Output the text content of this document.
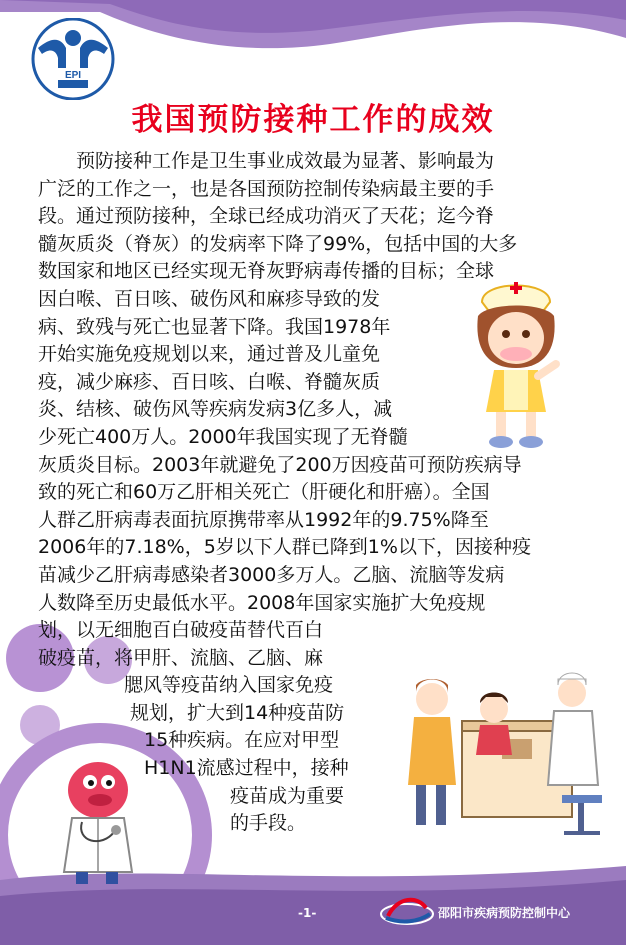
EPI
我国预防接种工作的成效
　　预防接种工作是卫生事业成效最为显著、影响最为
广泛的工作之一，也是各国预防控制传染病最主要的手
段。通过预防接种，全球已经成功消灭了天花；迄今脊
髓灰质炎（脊灰）的发病率下降了99%，包括中国的大多
数国家和地区已经实现无脊灰野病毒传播的目标；全球
因白喉、百日咳、破伤风和麻疹导致的发
病、致残与死亡也显著下降。我国1978年
开始实施免疫规划以来，通过普及儿童免
疫，减少麻疹、百日咳、白喉、脊髓灰质
炎、结核、破伤风等疾病发病3亿多人，减
少死亡400万人。2000年我国实现了无脊髓
灰质炎目标。2003年就避免了200万因疫苗可预防疾病导
致的死亡和60万乙肝相关死亡（肝硬化和肝癌）。全国
人群乙肝病毒表面抗原携带率从1992年的9.75%降至
2006年的7.18%，5岁以下人群已降到1%以下，因接种疫
苗减少乙肝病毒感染者3000多万人。乙脑、流脑等发病
人数降至历史最低水平。2008年国家实施扩大免疫规
划，以无细胞百白破疫苗替代百白
破疫苗，将甲肝、流脑、乙脑、麻
腮风等疫苗纳入国家免疫
规划，扩大到14种疫苗防
15种疾病。在应对甲型
H1N1流感过程中，接种
疫苗成为重要
的手段。
-1-	邵阳市疾病预防控制中心
